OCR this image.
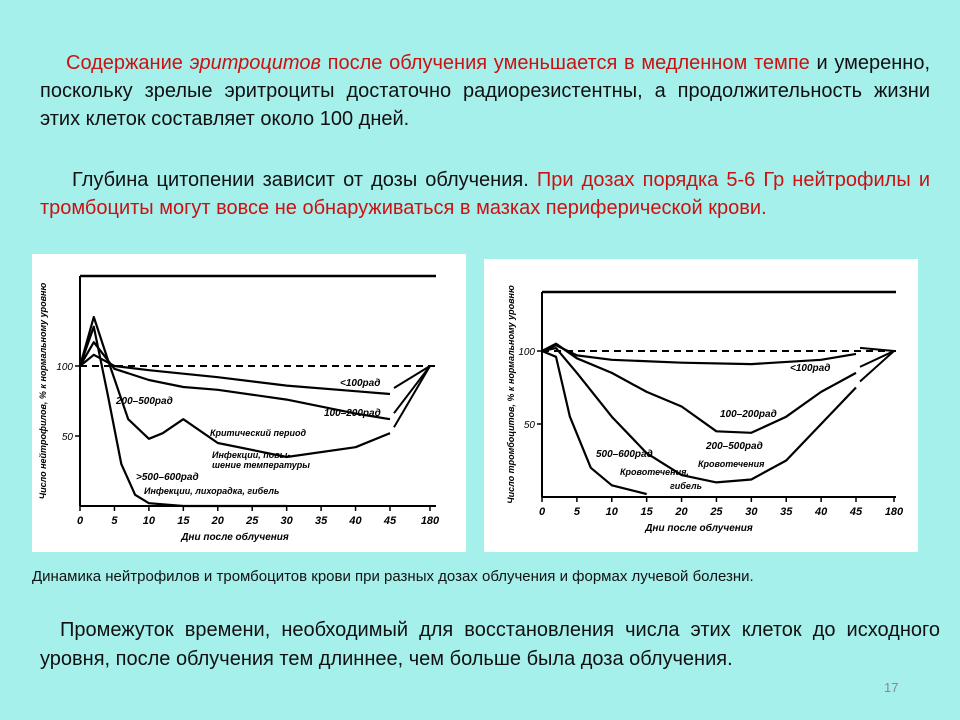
Содержание эритроцитов после облучения уменьшается в медленном темпе и умеренно, поскольку зрелые эритроциты достаточно радиорезистентны, а продолжительность жизни этих клеток составляет около 100 дней.
Глубина цитопении зависит от дозы облучения. При дозах порядка 5-6 Гр нейтрофилы и тромбоциты могут вовсе не обнаруживаться в мазках периферической крови.
0	5 10 15 20 25 30 35 40 45 180
100
50
Дни после облучения
Число нейтрофилов, % к нормальному уровню	<100рад
100–200рад
200–500рад
>500–600рад
Критический период
Инфекции, повы-
шение температуры
Инфекции, лихорадка, гибель
0	5 10 15 20 25 30 35 40 45 180
100
50
Дни после облучения
Число тромбоцитов, % к нормальному уровню	<100рад
100–200рад
200–500рад
500–600рад
Кровотечения,
гибель
Кровотечения
Динамика нейтрофилов и тромбоцитов крови при разных дозах облучения и формах лучевой болезни.
Промежуток времени, необходимый для восстановления числа этих клеток до исходного уровня, после облучения тем длиннее, чем больше была доза облучения.
17
